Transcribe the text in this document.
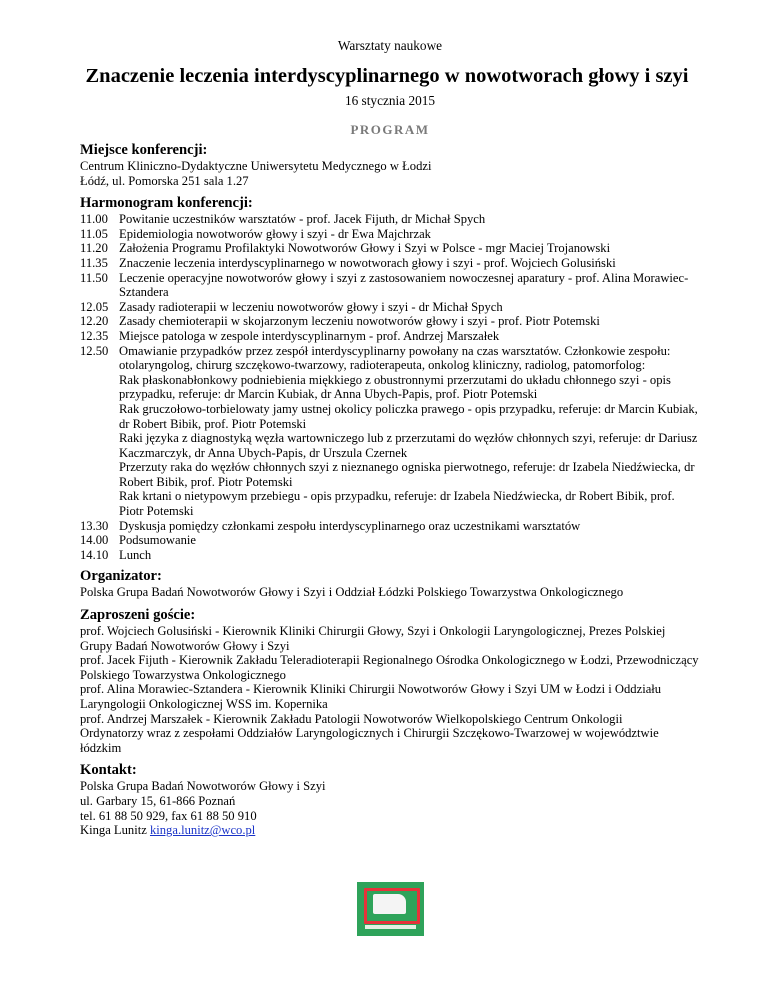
Warsztaty naukowe
Znaczenie leczenia interdyscyplinarnego w nowotworach głowy i szyi
16 stycznia 2015
PROGRAM
Miejsce konferencji:
Centrum Kliniczno-Dydaktyczne Uniwersytetu Medycznego w Łodzi
Łódź, ul. Pomorska 251 sala 1.27
Harmonogram konferencji:
11.00 Powitanie uczestników warsztatów - prof. Jacek Fijuth, dr Michał Spych
11.05 Epidemiologia nowotworów głowy i szyi - dr Ewa Majchrzak
11.20 Założenia Programu Profilaktyki Nowotworów Głowy i Szyi w Polsce - mgr Maciej Trojanowski
11.35 Znaczenie leczenia interdyscyplinarnego w nowotworach głowy i szyi - prof. Wojciech Golusiński
11.50 Leczenie operacyjne nowotworów głowy i szyi z zastosowaniem nowoczesnej aparatury - prof. Alina Morawiec-Sztandera
12.05 Zasady radioterapii w leczeniu nowotworów głowy i szyi - dr Michał Spych
12.20 Zasady chemioterapii w skojarzonym leczeniu nowotworów głowy i szyi - prof. Piotr Potemski
12.35 Miejsce patologa w zespole interdyscyplinarnym - prof. Andrzej Marszałek
12.50 Omawianie przypadków przez zespół interdyscyplinarny powołany na czas warsztatów. Członkowie zespołu: otolaryngolog, chirurg szczękowo-twarzowy, radioterapeuta, onkolog kliniczny, radiolog, patomorfolog:
Rak płaskonabłonkowy podniebienia miękkiego z obustronnymi przerzutami do układu chłonnego szyi - opis przypadku, referuje: dr Marcin Kubiak, dr Anna Ubych-Papis, prof. Piotr Potemski
Rak gruczołowo-torbielowaty jamy ustnej okolicy policzka prawego - opis przypadku, referuje: dr Marcin Kubiak, dr Robert Bibik, prof. Piotr Potemski
Raki języka z diagnostyką węzła wartowniczego lub z przerzutami do węzłów chłonnych szyi, referuje: dr Dariusz Kaczmarczyk, dr Anna Ubych-Papis, dr Urszula Czernek
Przerzuty raka do węzłów chłonnych szyi z nieznanego ogniska pierwotnego, referuje: dr Izabela Niedźwiecka, dr Robert Bibik, prof. Piotr Potemski
Rak krtani o nietypowym przebiegu - opis przypadku, referuje: dr Izabela Niedźwiecka, dr Robert Bibik, prof. Piotr Potemski
13.30 Dyskusja pomiędzy członkami zespołu interdyscyplinarnego oraz uczestnikami warsztatów
14.00 Podsumowanie
14.10 Lunch
Organizator:
Polska Grupa Badań Nowotworów Głowy i Szyi i Oddział Łódzki Polskiego Towarzystwa Onkologicznego
Zaproszeni goście:
prof. Wojciech Golusiński - Kierownik Kliniki Chirurgii Głowy, Szyi i Onkologii Laryngologicznej, Prezes Polskiej Grupy Badań Nowotworów Głowy i Szyi
prof. Jacek Fijuth - Kierownik Zakładu Teleradioterapii Regionalnego Ośrodka Onkologicznego w Łodzi, Przewodniczący Polskiego Towarzystwa Onkologicznego
prof. Alina Morawiec-Sztandera - Kierownik Kliniki Chirurgii Nowotworów Głowy i Szyi UM w Łodzi i Oddziału Laryngologii Onkologicznej WSS im. Kopernika
prof. Andrzej Marszałek - Kierownik Zakładu Patologii Nowotworów Wielkopolskiego Centrum Onkologii
Ordynatorzy wraz z zespołami Oddziałów Laryngologicznych i Chirurgii Szczękowo-Twarzowej w województwie łódzkim
Kontakt:
Polska Grupa Badań Nowotworów Głowy i Szyi
ul. Garbary 15, 61-866 Poznań
tel. 61 88 50 929, fax 61 88 50 910
Kinga Lunitz kinga.lunitz@wco.pl
